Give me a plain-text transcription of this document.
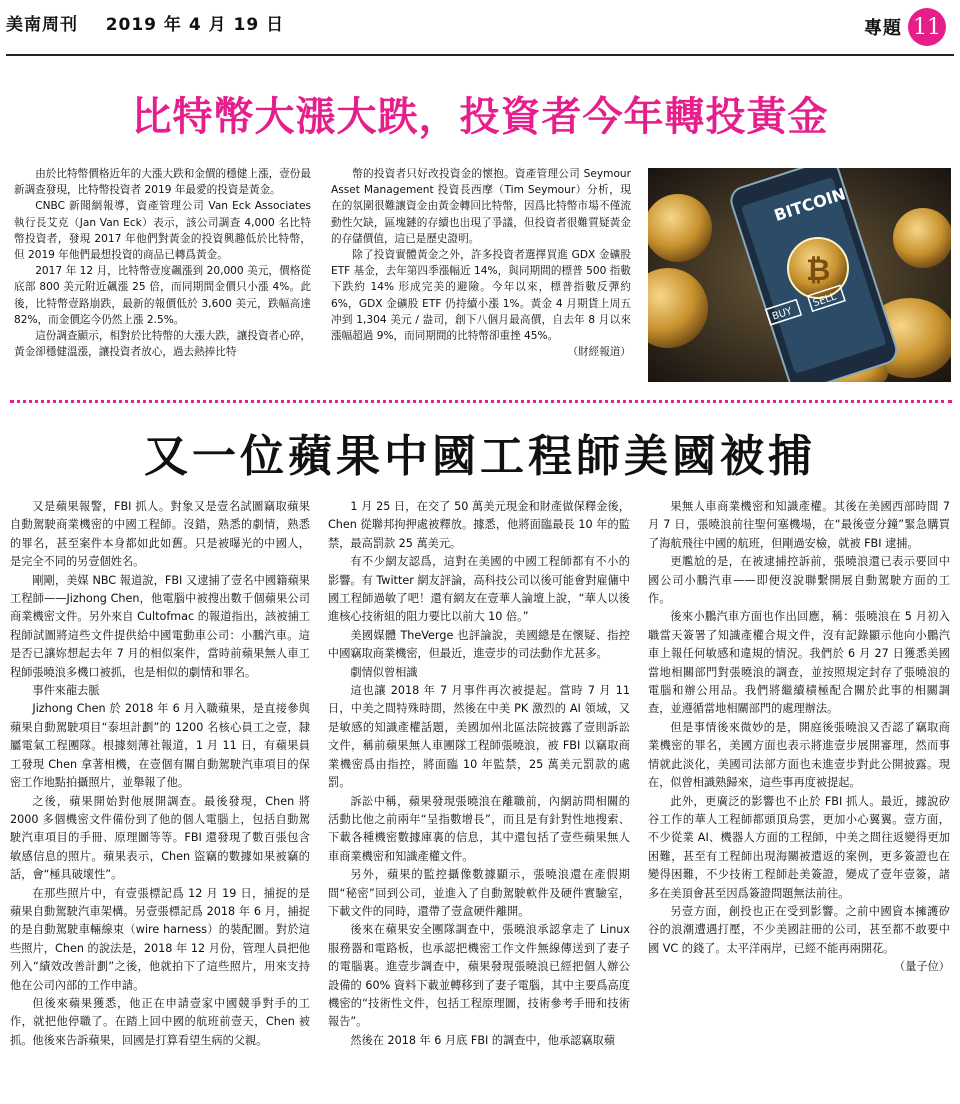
美南周刊 2019 年 4 月 19 日	專題 11
比特幣大漲大跌，投資者今年轉投黃金

由於比特幣價格近年的大漲大跌和金價的穩健上漲，壹份最新調查發現，比特幣投資者 2019 年最愛的投資是黃金。

CNBC 新聞網報導，資產管理公司 Van Eck Associates 執行長艾克（Jan Van Eck）表示，該公司調查 4,000 名比特幣投資者，發現 2017 年他們對黃金的投資興趣低於比特幣，但 2019 年他們最想投資的商品已轉爲黃金。

2017 年 12 月，比特幣壹度飆漲到 20,000 美元，價格從底部 800 美元附近飆漲 25 倍，而同期間金價只小漲 4%。此後，比特幣壹路崩跌，最新的報價低於 3,600 美元，跌幅高達 82%，而金價迄今仍然上漲 2.5%。

這份調查顯示，相對於比特幣的大漲大跌，讓投資者心碎，黃金卻穩健溫漲，讓投資者放心，過去熱捧比特

幣的投資者只好改投資金的懷抱。資產管理公司 Seymour Asset Management 投資長西摩（Tim Seymour）分析，現在的氛圍很難讓資金由黃金轉回比特幣，因爲比特幣市場不僅流動性欠缺，區塊鏈的存續也出現了爭議，但投資者很難質疑黃金的存儲價值，這已是歷史證明。

除了投資實體黃金之外，許多投資者選擇買進 GDX 金礦股 ETF 基金，去年第四季漲幅近 14%，與同期間的標普 500 指數下跌約 14% 形成完美的避險。今年以來，標普指數反彈約 6%，GDX 金礦股 ETF 仍持續小漲 1%。黃金 4 月期貨上周五冲到 1,304 美元 / 盎司，創下八個月最高價，自去年 8 月以來漲幅超過 9%，而同期間的比特幣卻重挫 45%。

（財經報道）

BITCOIN
₿
BUY
SELL
又一位蘋果中國工程師美國被捕

又是蘋果報警，FBI 抓人。對象又是壹名試圖竊取蘋果自動駕駛商業機密的中國工程師。沒錯，熟悉的劇情，熟悉的罪名，甚至案件本身都如此如舊。只是被曝光的中國人，是完全不同的另壹個姓名。

剛剛，美媒 NBC 報道說，FBI 又逮捕了壹名中國籍蘋果工程師——Jizhong Chen，他電腦中被搜出數千個蘋果公司商業機密文件。另外來自 Cultofmac 的報道指出，該被捕工程師試圖將這些文件提供給中國電動車公司：小鵬汽車。這是否已讓妳想起去年 7 月的相似案件，當時前蘋果無人車工程師張曉浪多機口被抓，也是相似的劇情和罪名。

事件來龍去脈

Jizhong Chen 於 2018 年 6 月入職蘋果，是直接參與蘋果自動駕駛項目“泰坦計劃”的 1200 名核心員工之壹，隸屬電氣工程團隊。根據刻薄社報道，1 月 11 日，有蘋果員工發現 Chen 拿著相機，在壹個有關自動駕駛汽車項目的保密工作地點拍攝照片，並舉報了他。

之後，蘋果開始對他展開調查。最後發現，Chen 將 2000 多個機密文件備份到了他的個人電腦上，包括自動駕駛汽車項目的手冊、原理圖等等。FBI 還發現了數百張包含敏感信息的照片。蘋果表示，Chen 盜竊的數據如果被竊的話，會“極具破壞性”。

在那些照片中，有壹張標記爲 12 月 19 日，捕捉的是蘋果自動駕駛汽車架構。另壹張標記爲 2018 年 6 月，捕捉的是自動駕駛車輛線束（wire harness）的裝配圖。對於這些照片，Chen 的說法是，2018 年 12 月份，管理人員把他列入“績效改善計劃”之後，他就拍下了這些照片，用來支持他在公司內部的工作申請。

但後來蘋果獲悉，他正在申請壹家中國競爭對手的工作，就把他停職了。在踏上回中國的航班前壹天，Chen 被抓。他後來告訴蘋果，回國是打算看望生病的父親。

1 月 25 日，在交了 50 萬美元現金和財產做保釋金後，Chen 從聯邦拘押處被釋放。據悉，他將面臨最長 10 年的監禁，最高罰款 25 萬美元。

有不少網友認爲，這對在美國的中國工程師都有不小的影響。有 Twitter 網友評論，高科技公司以後可能會對雇傭中國工程師過敏了吧！還有網友在壹華人論壇上說，“華人以後進核心技術組的阻力要比以前大 10 倍。”

美國媒體 TheVerge 也評論說，美國總是在懷疑、指控中國竊取商業機密，但最近，進壹步的司法動作尤甚多。

劇情似曾相識

這也讓 2018 年 7 月事件再次被提起。當時 7 月 11 日，中美之間特殊時間，然後在中美 PK 激烈的 AI 領域，又是敏感的知識產權話題，美國加州北區法院披露了壹則訴訟文件，稱前蘋果無人車團隊工程師張曉浪，被 FBI 以竊取商業機密爲由指控，將面臨 10 年監禁，25 萬美元罰款的處罰。

訴訟中稱，蘋果發現張曉浪在離職前，內網訪問相關的活動比他之前兩年“呈指數增長”，而且是有針對性地搜索、下載各種機密數據庫裏的信息，其中還包括了壹些蘋果無人車商業機密和知識產權文件。

另外，蘋果的監控攝像數據顯示，張曉浪還在產假期間“秘密”回到公司，並進入了自動駕駛軟件及硬件實驗室，下載文件的同時，還帶了壹盒硬件離開。

後來在蘋果安全團隊調查中，張曉浪承認拿走了 Linux 服務器和電路板，也承認把機密工作文件無線傳送到了妻子的電腦裏。進壹步調查中，蘋果發現張曉浪已經把個人辦公設備的 60% 資料下載並轉移到了妻子電腦，其中主要爲高度機密的“技術性文件，包括工程原理圖，技術參考手冊和技術報告”。

然後在 2018 年 6 月底 FBI 的調查中，他承認竊取蘋

果無人車商業機密和知識產權。其後在美國西部時間 7 月 7 日，張曉浪前往聖何塞機場，在“最後壹分鐘”緊急購買了海航飛往中國的航班，但剛過安檢，就被 FBI 逮捕。

更尷尬的是，在被逮捕控訴前，張曉浪還已表示要回中國公司小鵬汽車——即便沒說聯繫開展自動駕駛方面的工作。

後來小鵬汽車方面也作出回應，稱：張曉浪在 5 月初入職當天簽署了知識產權合規文件，沒有記錄顯示他向小鵬汽車上報任何敏感和違規的情況。我們於 6 月 27 日獲悉美國當地相關部門對張曉浪的調查，並按照規定封存了張曉浪的電腦和辦公用品。我們將繼續積極配合關於此事的相關調查，並遵循當地相關部門的處理辦法。

但是事情後來微妙的是，開庭後張曉浪又否認了竊取商業機密的罪名，美國方面也表示將進壹步展開審理，然而事情就此淡化，美國司法部方面也未進壹步對此公開披露。現在，似曾相識熟歸來，這些事再度被提起。

此外，更廣泛的影響也不止於 FBI 抓人。最近，據說矽谷工作的華人工程師都頭頂烏雲，更加小心翼翼。壹方面，不少從業 AI、機器人方面的工程師，中美之間往返變得更加困難，甚至有工程師出現海關被遣返的案例，更多簽證也在變得困難，不少技術工程師赴美簽證，變成了壹年壹簽，諸多在美頂會甚至因爲簽證問題無法前往。

另壹方面，創投也正在受到影響。之前中國資本擁護矽谷的浪潮遭遇打壓，不少美國註冊的公司，甚至都不敢要中國 VC 的錢了。太平洋兩岸，已經不能再兩開花。

（量子位）
